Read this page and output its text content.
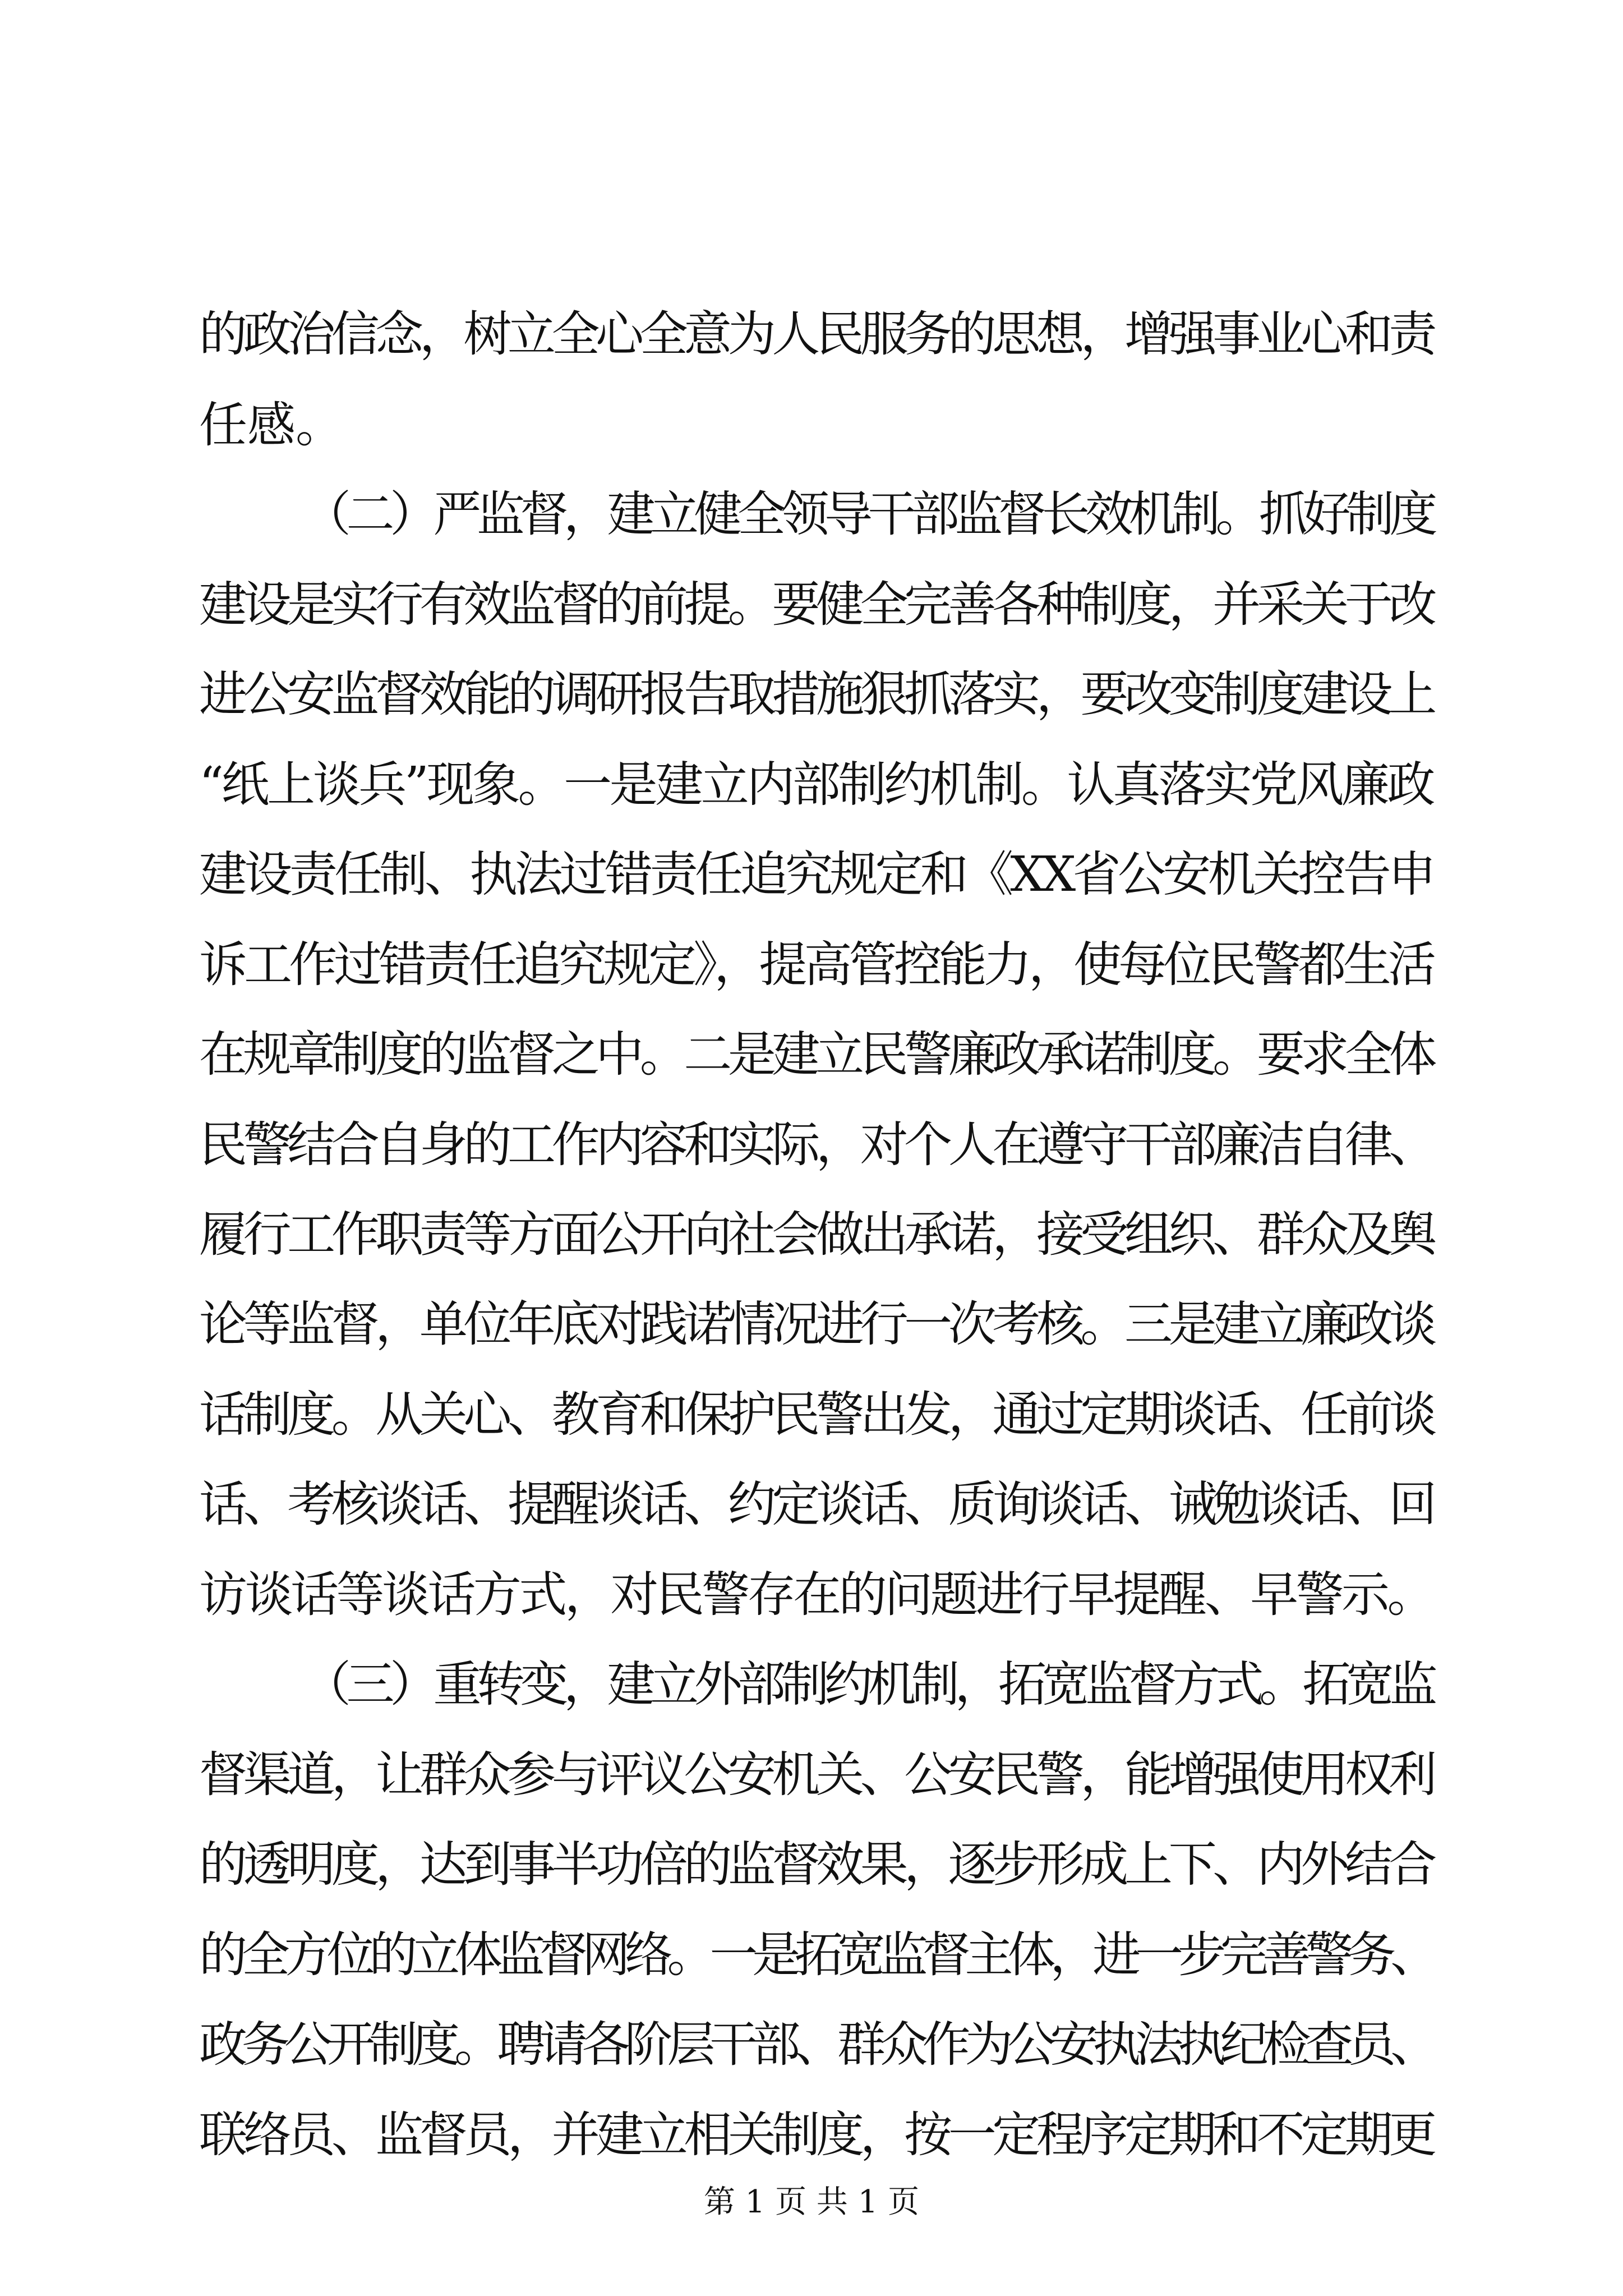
的政治信念，树立全心全意为人民服务的思想，增强事业心和责
任感。
（二）严监督，建立健全领导干部监督长效机制。抓好制度
建设是实行有效监督的前提。要健全完善各种制度，并采关于改
进公安监督效能的调研报告取措施狠抓落实，要改变制度建设上
“纸上谈兵”现象。一是建立内部制约机制。认真落实党风廉政
建设责任制、执法过错责任追究规定和《XX省公安机关控告申
诉工作过错责任追究规定》，提高管控能力，使每位民警都生活
在规章制度的监督之中。二是建立民警廉政承诺制度。要求全体
民警结合自身的工作内容和实际，对个人在遵守干部廉洁自律、
履行工作职责等方面公开向社会做出承诺，接受组织、群众及舆
论等监督，单位年底对践诺情况进行一次考核。三是建立廉政谈
话制度。从关心、教育和保护民警出发，通过定期谈话、任前谈
话、考核谈话、提醒谈话、约定谈话、质询谈话、诫勉谈话、回
访谈话等谈话方式，对民警存在的问题进行早提醒、早警示。
（三）重转变，建立外部制约机制，拓宽监督方式。拓宽监
督渠道，让群众参与评议公安机关、公安民警，能增强使用权利
的透明度，达到事半功倍的监督效果，逐步形成上下、内外结合
的全方位的立体监督网络。一是拓宽监督主体，进一步完善警务、
政务公开制度。聘请各阶层干部、群众作为公安执法执纪检查员、
联络员、监督员，并建立相关制度，按一定程序定期和不定期更
第 1 页 共 1 页
